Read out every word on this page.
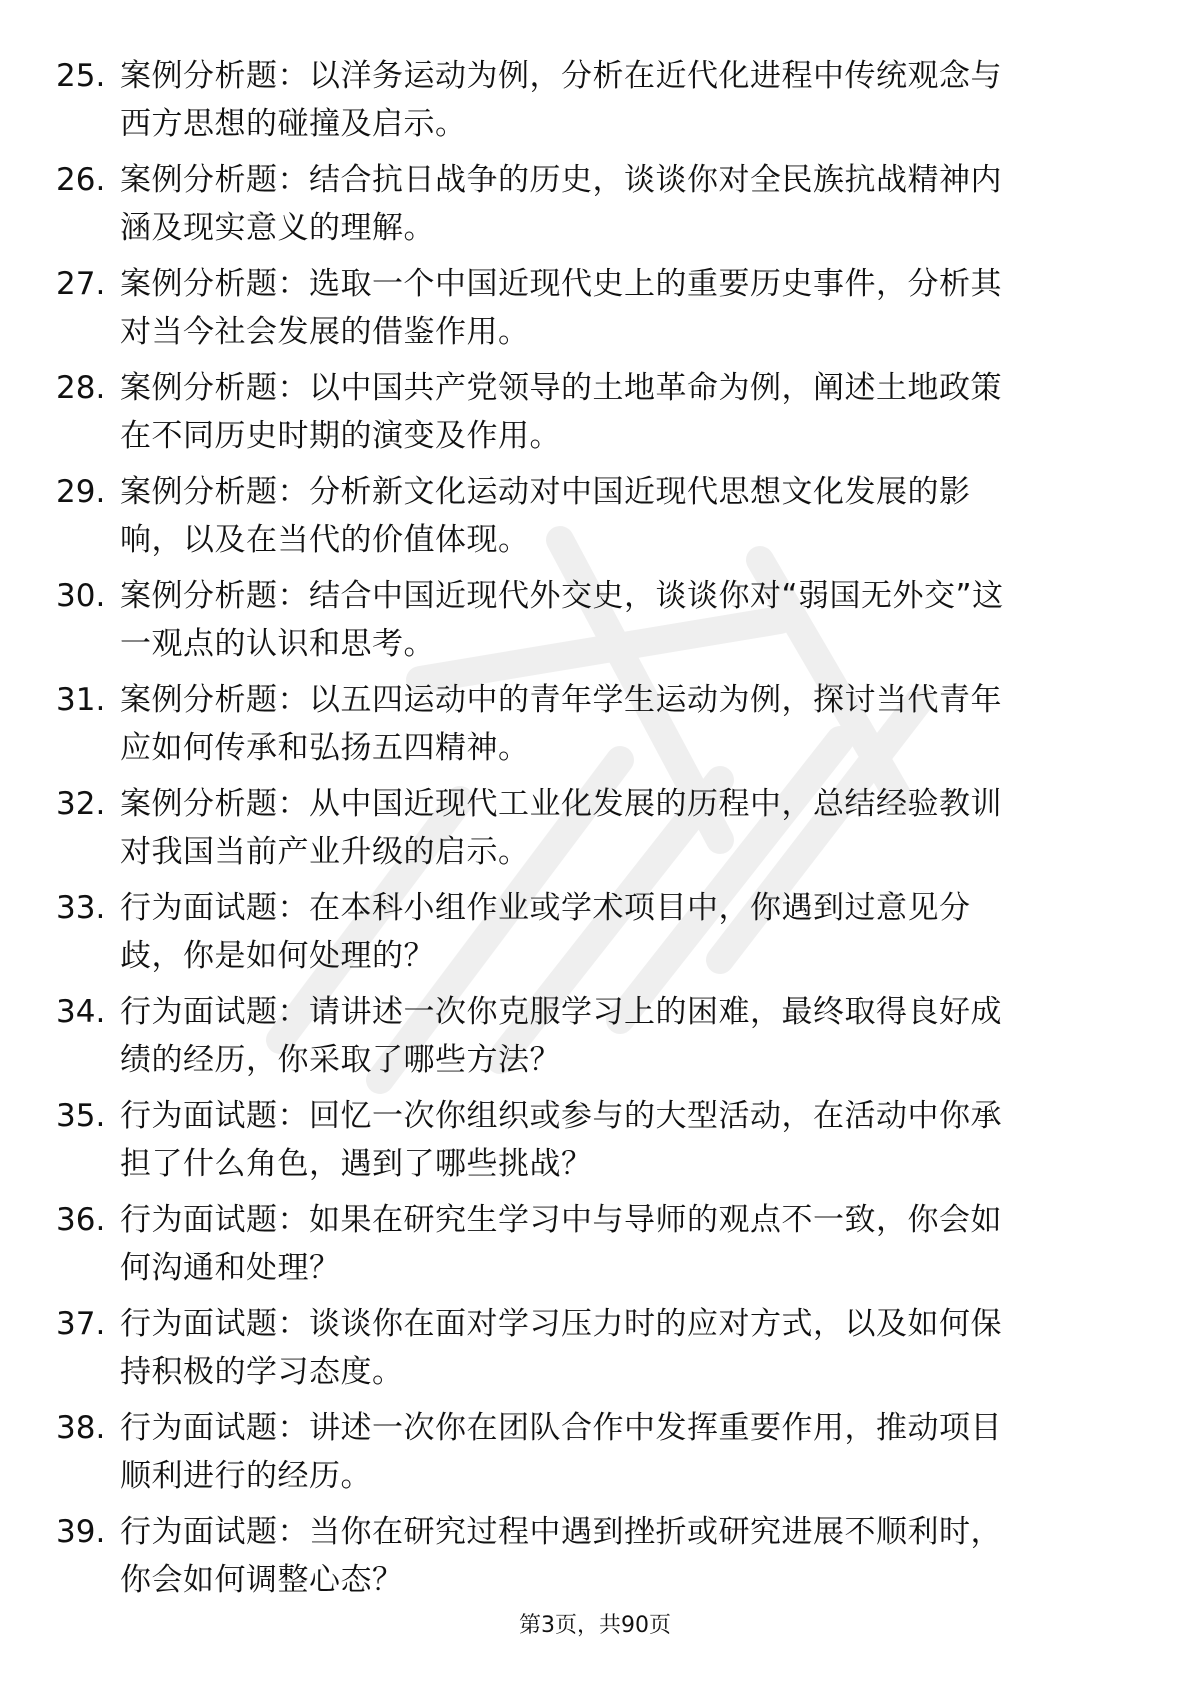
25. 案例分析题：以洋务运动为例，分析在近代化进程中传统观念与
西方思想的碰撞及启示。
26. 案例分析题：结合抗日战争的历史，谈谈你对全民族抗战精神内
涵及现实意义的理解。
27. 案例分析题：选取一个中国近现代史上的重要历史事件，分析其
对当今社会发展的借鉴作用。
28. 案例分析题：以中国共产党领导的土地革命为例，阐述土地政策
在不同历史时期的演变及作用。
29. 案例分析题：分析新文化运动对中国近现代思想文化发展的影
响，以及在当代的价值体现。
30. 案例分析题：结合中国近现代外交史，谈谈你对“弱国无外交”这
一观点的认识和思考。
31. 案例分析题：以五四运动中的青年学生运动为例，探讨当代青年
应如何传承和弘扬五四精神。
32. 案例分析题：从中国近现代工业化发展的历程中，总结经验教训
对我国当前产业升级的启示。
33. 行为面试题：在本科小组作业或学术项目中，你遇到过意见分
歧，你是如何处理的？
34. 行为面试题：请讲述一次你克服学习上的困难，最终取得良好成
绩的经历，你采取了哪些方法？
35. 行为面试题：回忆一次你组织或参与的大型活动，在活动中你承
担了什么角色，遇到了哪些挑战？
36. 行为面试题：如果在研究生学习中与导师的观点不一致，你会如
何沟通和处理？
37. 行为面试题：谈谈你在面对学习压力时的应对方式，以及如何保
持积极的学习态度。
38. 行为面试题：讲述一次你在团队合作中发挥重要作用，推动项目
顺利进行的经历。
39. 行为面试题：当你在研究过程中遇到挫折或研究进展不顺利时，
你会如何调整心态？
第3页，共90页
